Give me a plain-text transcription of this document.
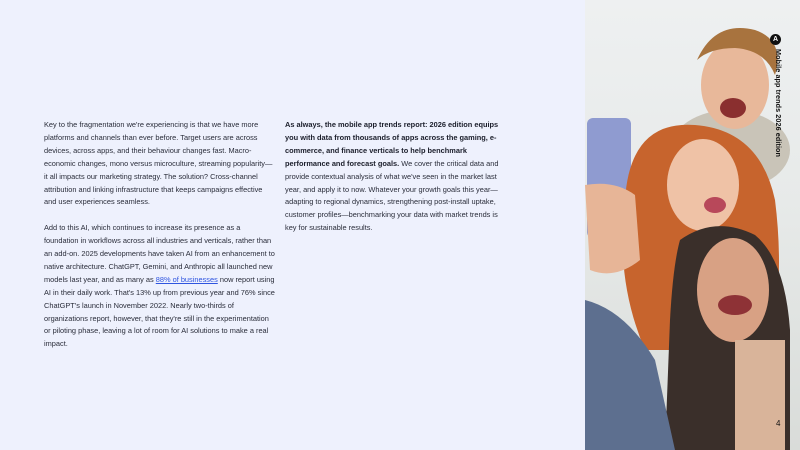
Key to the fragmentation we're experiencing is that we have more platforms and channels than ever before. Target users are across devices, across apps, and their behaviour changes fast. Macro-economic changes, mono versus microculture, streaming popularity—it all impacts our marketing strategy. The solution? Cross-channel attribution and linking infrastructure that keeps campaigns effective and user experiences seamless.

Add to this AI, which continues to increase its presence as a foundation in workflows across all industries and verticals, rather than an add-on. 2025 developments have taken AI from an enhancement to native architecture. ChatGPT, Gemini, and Anthropic all launched new models last year, and as many as 88% of businesses now report using AI in their daily work. That's 13% up from previous year and 76% since ChatGPT's launch in November 2022. Nearly two-thirds of organizations report, however, that they're still in the experimentation or piloting phase, leaving a lot of room for AI solutions to make a real impact.

As always, the mobile app trends report: 2026 edition equips you with data from thousands of apps across the gaming, e-commerce, and finance verticals to help benchmark performance and forecast goals. We cover the critical data and provide contextual analysis of what we've seen in the market last year, and apply it to now. Whatever your growth goals this year—adapting to regional dynamics, strengthening post-install uptake, customer profiles—benchmarking your data with market trends is key for sustainable results.

A
Mobile app trends 2026 edition
4
